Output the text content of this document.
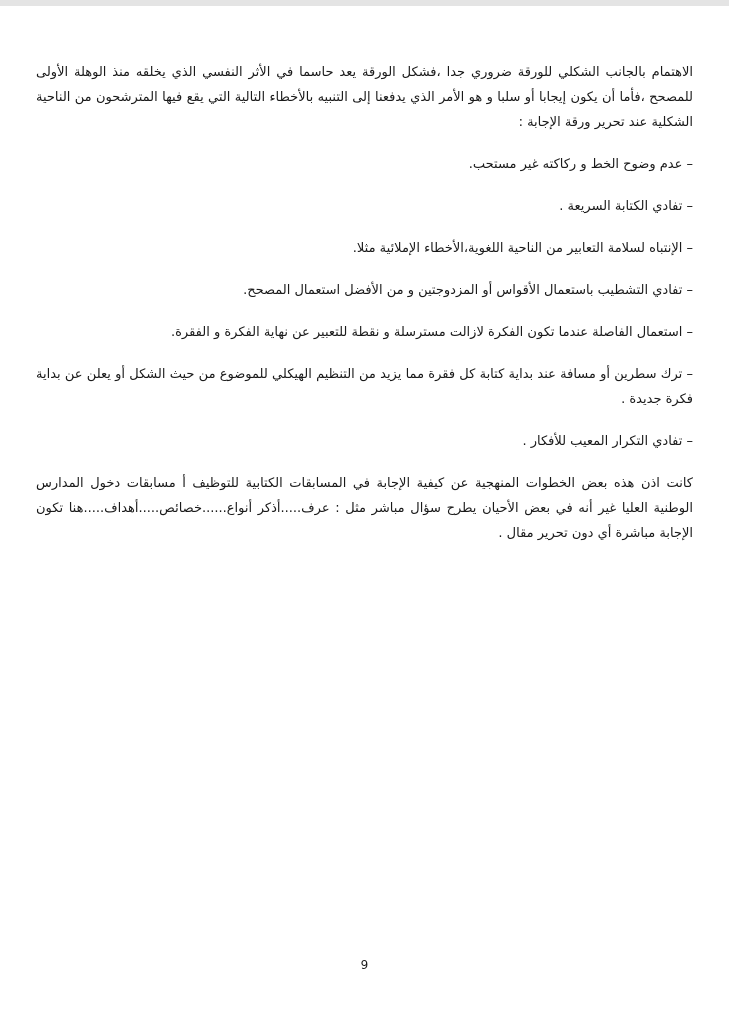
الاهتمام بالجانب الشكلي للورقة ضروري جدا ،فشكل الورقة يعد حاسما في الأثر النفسي الذي يخلقه منذ الوهلة الأولى للمصحح ،فأما أن يكون إيجابا أو سلبا و هو الأمر الذي يدفعنا إلى التنبيه بالأخطاء التالية التي يقع فيها المترشحون من الناحية الشكلية عند تحرير ورقة الإجابة :

– عدم وضوح الخط و ركاكته غير مستحب.

– تفادي الكتابة السريعة .

– الإنتباه لسلامة التعابير من الناحية اللغوية،الأخطاء الإملائية مثلا.

– تفادي التشطيب باستعمال الأقواس أو المزدوجتين و من الأفضل استعمال المصحح.

– استعمال الفاصلة عندما تكون الفكرة لازالت مسترسلة و نقطة للتعبير عن نهاية الفكرة و الفقرة.

– ترك سطرين أو مسافة عند بداية كتابة كل فقرة مما يزيد من التنظيم الهيكلي للموضوع من حيث الشكل أو يعلن عن بداية فكرة جديدة .

– تفادي التكرار المعيب للأفكار .

كانت اذن هذه بعض الخطوات المنهجية عن كيفية الإجابة في المسابقات الكتابية للتوظيف أ مسابقات دخول المدارس الوطنية العليا غير أنه في بعض الأحيان يطرح سؤال مباشر مثل : عرف.....أذكر أنواع......خصائص.....أهداف.....هنا تكون الإجابة مباشرة أي دون تحرير مقال .

9
